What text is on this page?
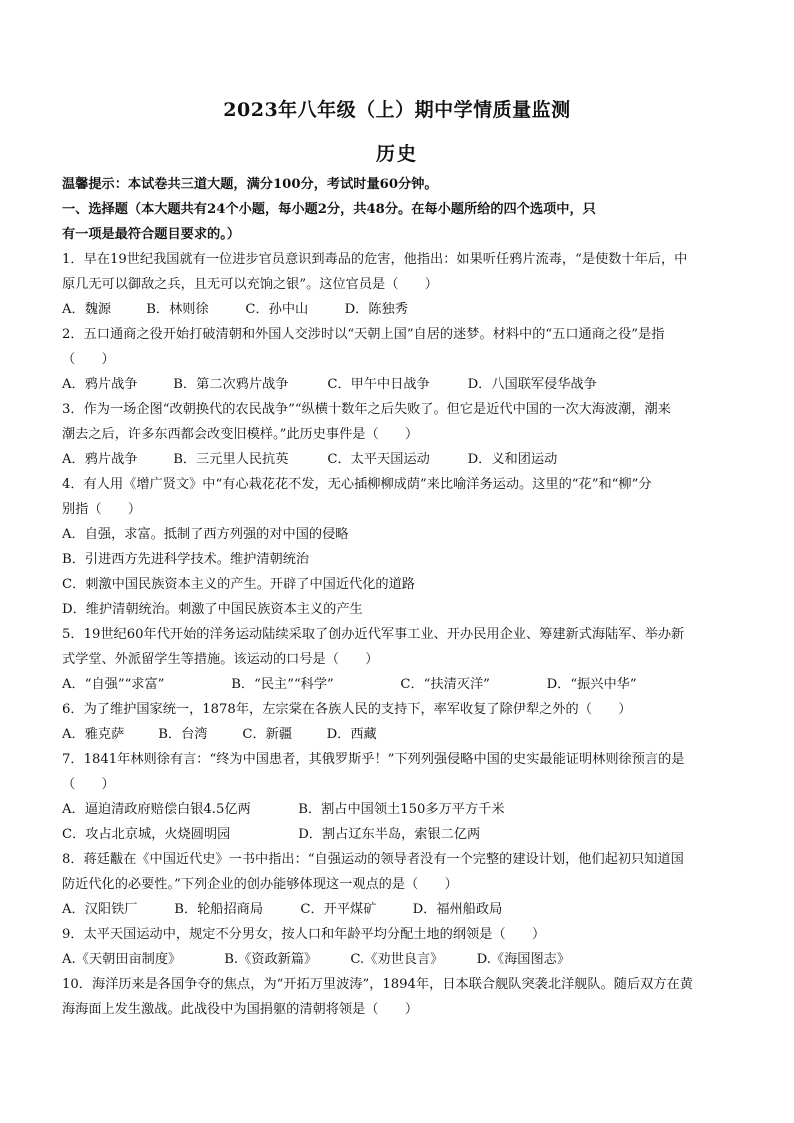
2023年八年级（上）期中学情质量监测
历史
温馨提示：本试卷共三道大题，满分100分，考试时量60分钟。
一、选择题（本大题共有24个小题，每小题2分，共48分。在每小题所给的四个选项中，只
有一项是最符合题目要求的。）
1．早在19世纪我国就有一位进步官员意识到毒品的危害，他指出：如果听任鸦片流毒，“是使数十年后，中
原几无可以御敌之兵，且无可以充饷之银”。这位官员是（　　）
A．魏源	B．林则徐	C．孙中山	D．陈独秀
2．五口通商之役开始打破清朝和外国人交涉时以“天朝上国”自居的迷梦。材料中的“五口通商之役”是指
（　　）
A．鸦片战争	B．第二次鸦片战争	C．甲午中日战争	D．八国联军侵华战争
3．作为一场企图“改朝换代的农民战争”“纵横十数年之后失败了。但它是近代中国的一次大海波潮，潮来
潮去之后，许多东西都会改变旧模样。”此历史事件是（　　）
A．鸦片战争	B．三元里人民抗英	C．太平天国运动	D．义和团运动
4．有人用《增广贤文》中“有心栽花花不发，无心插柳柳成荫”来比喻洋务运动。这里的“花”和“柳”分
别指（　　）
A．自强，求富。抵制了西方列强的对中国的侵略
B．引进西方先进科学技术。维护清朝统治
C．刺激中国民族资本主义的产生。开辟了中国近代化的道路
D．维护清朝统治。刺激了中国民族资本主义的产生
5．19世纪60年代开始的洋务运动陆续采取了创办近代军事工业、开办民用企业、筹建新式海陆军、举办新
式学堂、外派留学生等措施。该运动的口号是（　　）
A．“自强”“求富”	B．“民主”“科学”	C．“扶清灭洋”	D．“振兴中华”
6．为了维护国家统一，1878年，左宗棠在各族人民的支持下，率军收复了除伊犁之外的（　　）
A．雅克萨	B．台湾	C．新疆	D．西藏
7．1841年林则徐有言：“终为中国患者，其俄罗斯乎！”下列列强侵略中国的史实最能证明林则徐预言的是
（　　）
A．逼迫清政府赔偿白银4.5亿两	B．割占中国领土150多万平方千米
C．攻占北京城，火烧圆明园	D．割占辽东半岛，索银二亿两
8．蒋廷黻在《中国近代史》一书中指出：“自强运动的领导者没有一个完整的建设计划，他们起初只知道国
防近代化的必要性。”下列企业的创办能够体现这一观点的是（　　）
A．汉阳铁厂	B．轮船招商局	C．开平煤矿	D．福州船政局
9．太平天国运动中，规定不分男女，按人口和年龄平均分配土地的纲领是（　　）
A.《天朝田亩制度》	B.《资政新篇》	C.《劝世良言》	D.《海国图志》
10．海洋历来是各国争夺的焦点，为“开拓万里波涛”，1894年，日本联合舰队突袭北洋舰队。随后双方在黄
海海面上发生激战。此战役中为国捐躯的清朝将领是（　　）
